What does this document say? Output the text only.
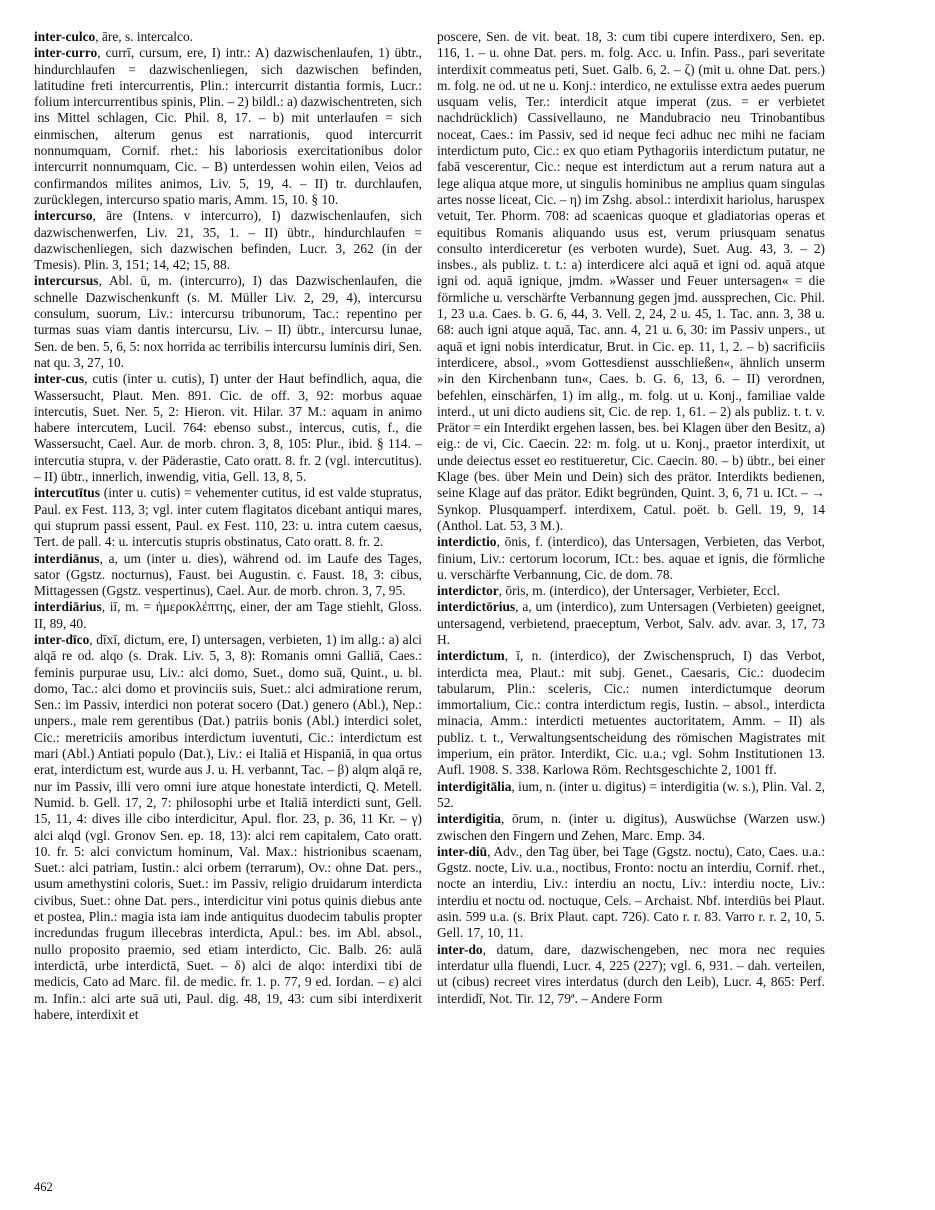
inter-culco, āre, s. intercalco.

inter-curro, currī, cursum, ere, I) intr.: A) dazwischenlaufen, 1) übtr., hindurchlaufen = dazwischenliegen, sich dazwischen befinden, latitudine freti intercurrentis, Plin.: intercurrit distantia formis, Lucr.: folium intercurrentibus spinis, Plin. – 2) bildl.: a) dazwischentreten, sich ins Mittel schlagen, Cic. Phil. 8, 17. – b) mit unterlaufen = sich einmischen, alterum genus est narrationis, quod intercurrit nonnumquam, Cornif. rhet.: his laboriosis exercitationibus dolor intercurrit nonnumquam, Cic. – B) unterdessen wohin eilen, Veios ad confirmandos milites animos, Liv. 5, 19, 4. – II) tr. durchlaufen, zurücklegen, intercurso spatio maris, Amm. 15, 10. § 10.

intercurso, āre (Intens. v intercurro), I) dazwischenlaufen, sich dazwischenwerfen, Liv. 21, 35, 1. – II) übtr., hindurchlaufen = dazwischenliegen, sich dazwischen befinden, Lucr. 3, 262 (in der Tmesis). Plin. 3, 151; 14, 42; 15, 88.

intercursus, Abl. ū, m. (intercurro), I) das Dazwischenlaufen, die schnelle Dazwischenkunft (s. M. Müller Liv. 2, 29, 4), intercursu consulum, suorum, Liv.: intercursu tribunorum, Tac.: repentino per turmas suas viam dantis intercursu, Liv. – II) übtr., intercursu lunae, Sen. de ben. 5, 6, 5: nox horrida ac terribilis intercursu luminis diri, Sen. nat qu. 3, 27, 10.

inter-cus, cutis (inter u. cutis), I) unter der Haut befindlich, aqua, die Wassersucht, Plaut. Men. 891. Cic. de off. 3, 92: morbus aquae intercutis, Suet. Ner. 5, 2: Hieron. vit. Hilar. 37 M.: aquam in animo habere intercutem, Lucil. 764: ebenso subst., intercus, cutis, f., die Wassersucht, Cael. Aur. de morb. chron. 3, 8, 105: Plur., ibid. § 114. – intercutia stupra, v. der Päderastie, Cato oratt. 8. fr. 2 (vgl. intercutitus). – II) übtr., innerlich, inwendig, vitia, Gell. 13, 8, 5.

intercutītus (inter u. cutis) = vehementer cutitus, id est valde stupratus, Paul. ex Fest. 113, 3; vgl. inter cutem flagitatos dicebant antiqui mares, qui stuprum passi essent, Paul. ex Fest. 110, 23: u. intra cutem caesus, Tert. de pall. 4: u. intercutis stupris obstinatus, Cato oratt. 8. fr. 2.

interdiānus, a, um (inter u. dies), während od. im Laufe des Tages, sator (Ggstz. nocturnus), Faust. bei Augustin. c. Faust. 18, 3: cibus, Mittagessen (Ggstz. vespertinus), Cael. Aur. de morb. chron. 3, 7, 95.

interdiārius, iī, m. = ἡμεροκλέπτης, einer, der am Tage stiehlt, Gloss. II, 89, 40.

inter-dīco, dīxī, dictum, ere, I) untersagen, verbieten, 1) im allg.: a) alci alqā re od. alqo (s. Drak. Liv. 5, 3, 8): Romanis omni Galliā, Caes.: feminis purpurae usu, Liv.: alci domo, Suet., domo suā, Quint., u. bl. domo, Tac.: alci domo et provinciis suis, Suet.: alci admiratione rerum, Sen.: im Passiv, interdici non poterat socero (Dat.) genero (Abl.), Nep.: unpers., male rem gerentibus (Dat.) patriis bonis (Abl.) interdici solet, Cic.: meretriciis amoribus interdictum iuventuti, Cic.: interdictum est mari (Abl.) Antiati populo (Dat.), Liv.: ei Italiā et Hispaniā, in qua ortus erat, interdictum est, wurde aus J. u. H. verbannt, Tac. – β) alqm alqā re, nur im Passiv, illi vero omni iure atque honestate interdicti, Q. Metell. Numid. b. Gell. 17, 2, 7: philosophi urbe et Italiā interdicti sunt, Gell. 15, 11, 4: dives ille cibo interdicitur, Apul. flor. 23, p. 36, 11 Kr. – γ) alci alqd (vgl. Gronov Sen. ep. 18, 13): alci rem capitalem, Cato oratt. 10. fr. 5: alci convictum hominum, Val. Max.: histrionibus scaenam, Suet.: alci patriam, Iustin.: alci orbem (terrarum), Ov.: ohne Dat. pers., usum amethystini coloris, Suet.: im Passiv, religio druidarum interdicta civibus, Suet.: ohne Dat. pers., interdicitur vini potus quinis diebus ante et postea, Plin.: magia ista iam inde antiquitus duodecim tabulis propter incredundas frugum illecebras interdicta, Apul.: bes. im Abl. absol., nullo proposito praemio, sed etiam interdicto, Cic. Balb. 26: aulā interdictā, urbe interdictā, Suet. – δ) alci de alqo: interdixi tibi de medicis, Cato ad Marc. fil. de medic. fr. 1. p. 77, 9 ed. Iordan. – ε) alci m. Infin.: alci arte suā uti, Paul. dig. 48, 19, 43: cum sibi interdixerit habere, interdixit et

poscere, Sen. de vit. beat. 18, 3: cum tibi cupere interdixero, Sen. ep. 116, 1. – u. ohne Dat. pers. m. folg. Acc. u. Infin. Pass., pari severitate interdixit commeatus peti, Suet. Galb. 6, 2. – ζ) (mit u. ohne Dat. pers.) m. folg. ne od. ut ne u. Konj.: interdico, ne extulisse extra aedes puerum usquam velis, Ter.: interdicit atque imperat (zus. = er verbietet nachdrücklich) Cassivellauno, ne Mandubracio neu Trinobantibus noceat, Caes.: im Passiv, sed id neque feci adhuc nec mihi ne faciam interdictum puto, Cic.: ex quo etiam Pythagoriis interdictum putatur, ne fabā vescerentur, Cic.: neque est interdictum aut a rerum natura aut a lege aliqua atque more, ut singulis hominibus ne amplius quam singulas artes nosse liceat, Cic. – η) im Zshg. absol.: interdixit hariolus, haruspex vetuit, Ter. Phorm. 708: ad scaenicas quoque et gladiatorias operas et equitibus Romanis aliquando usus est, verum priusquam senatus consulto interdiceretur (es verboten wurde), Suet. Aug. 43, 3. – 2) insbes., als publiz. t. t.: a) interdicere alci aquā et igni od. aquā atque igni od. aquā ignique, jmdm. »Wasser und Feuer untersagen« = die förmliche u. verschärfte Verbannung gegen jmd. aussprechen, Cic. Phil. 1, 23 u.a. Caes. b. G. 6, 44, 3. Vell. 2, 24, 2 u. 45, 1. Tac. ann. 3, 38 u. 68: auch igni atque aquā, Tac. ann. 4, 21 u. 6, 30: im Passiv unpers., ut aquā et igni nobis interdicatur, Brut. in Cic. ep. 11, 1, 2. – b) sacrificiis interdicere, absol., »vom Gottesdienst ausschließen«, ähnlich unserm »in den Kirchenbann tun«, Caes. b. G. 6, 13, 6. – II) verordnen, befehlen, einschärfen, 1) im allg., m. folg. ut u. Konj., familiae valde interd., ut uni dicto audiens sit, Cic. de rep. 1, 61. – 2) als publiz. t. t. v. Prätor = ein Interdikt ergehen lassen, bes. bei Klagen über den Besitz, a) eig.: de vi, Cic. Caecin. 22: m. folg. ut u. Konj., praetor interdixit, ut unde deiectus esset eo restitueretur, Cic. Caecin. 80. – b) übtr., bei einer Klage (bes. über Mein und Dein) sich des prätor. Interdikts bedienen, seine Klage auf das prätor. Edikt begründen, Quint. 3, 6, 71 u. ICt. – → Synkop. Plusquamperf. interdixem, Catul. poët. b. Gell. 19, 9, 14 (Anthol. Lat. 53, 3 M.).

interdictio, ōnis, f. (interdico), das Untersagen, Verbieten, das Verbot, finium, Liv.: certorum locorum, ICt.: bes. aquae et ignis, die förmliche u. verschärfte Verbannung, Cic. de dom. 78.

interdictor, ōris, m. (interdico), der Untersager, Verbieter, Eccl.

interdictōrius, a, um (interdico), zum Untersagen (Verbieten) geeignet, untersagend, verbietend, praeceptum, Verbot, Salv. adv. avar. 3, 17, 73 H.

interdictum, ī, n. (interdico), der Zwischenspruch, I) das Verbot, interdicta mea, Plaut.: mit subj. Genet., Caesaris, Cic.: duodecim tabularum, Plin.: sceleris, Cic.: numen interdictumque deorum immortalium, Cic.: contra interdictum regis, Iustin. – absol., interdicta minacia, Amm.: interdicti metuentes auctoritatem, Amm. – II) als publiz. t. t., Verwaltungsentscheidung des römischen Magistrates mit imperium, ein prätor. Interdikt, Cic. u.a.; vgl. Sohm Institutionen 13. Aufl. 1908. S. 338. Karlowa Röm. Rechtsgeschichte 2, 1001 ff.

interdigitālia, ium, n. (inter u. digitus) = interdigitia (w. s.), Plin. Val. 2, 52.

interdigitia, ōrum, n. (inter u. digitus), Auswüchse (Warzen usw.) zwischen den Fingern und Zehen, Marc. Emp. 34.

inter-diū, Adv., den Tag über, bei Tage (Ggstz. noctu), Cato, Caes. u.a.: Ggstz. nocte, Liv. u.a., noctibus, Fronto: noctu an interdiu, Cornif. rhet., nocte an interdiu, Liv.: interdiu an noctu, Liv.: interdiu nocte, Liv.: interdiu et noctu od. noctuque, Cels. – Archaist. Nbf. interdiūs bei Plaut. asin. 599 u.a. (s. Brix Plaut. capt. 726). Cato r. r. 83. Varro r. r. 2, 10, 5. Gell. 17, 10, 11.

inter-do, datum, dare, dazwischengeben, nec mora nec requies interdatur ulla fluendi, Lucr. 4, 225 (227); vgl. 6, 931. – dah. verteilen, ut (cibus) recreet vires interdatus (durch den Leib), Lucr. 4, 865: Perf. interdidī, Not. Tir. 12, 79ª. – Andere Form

462
